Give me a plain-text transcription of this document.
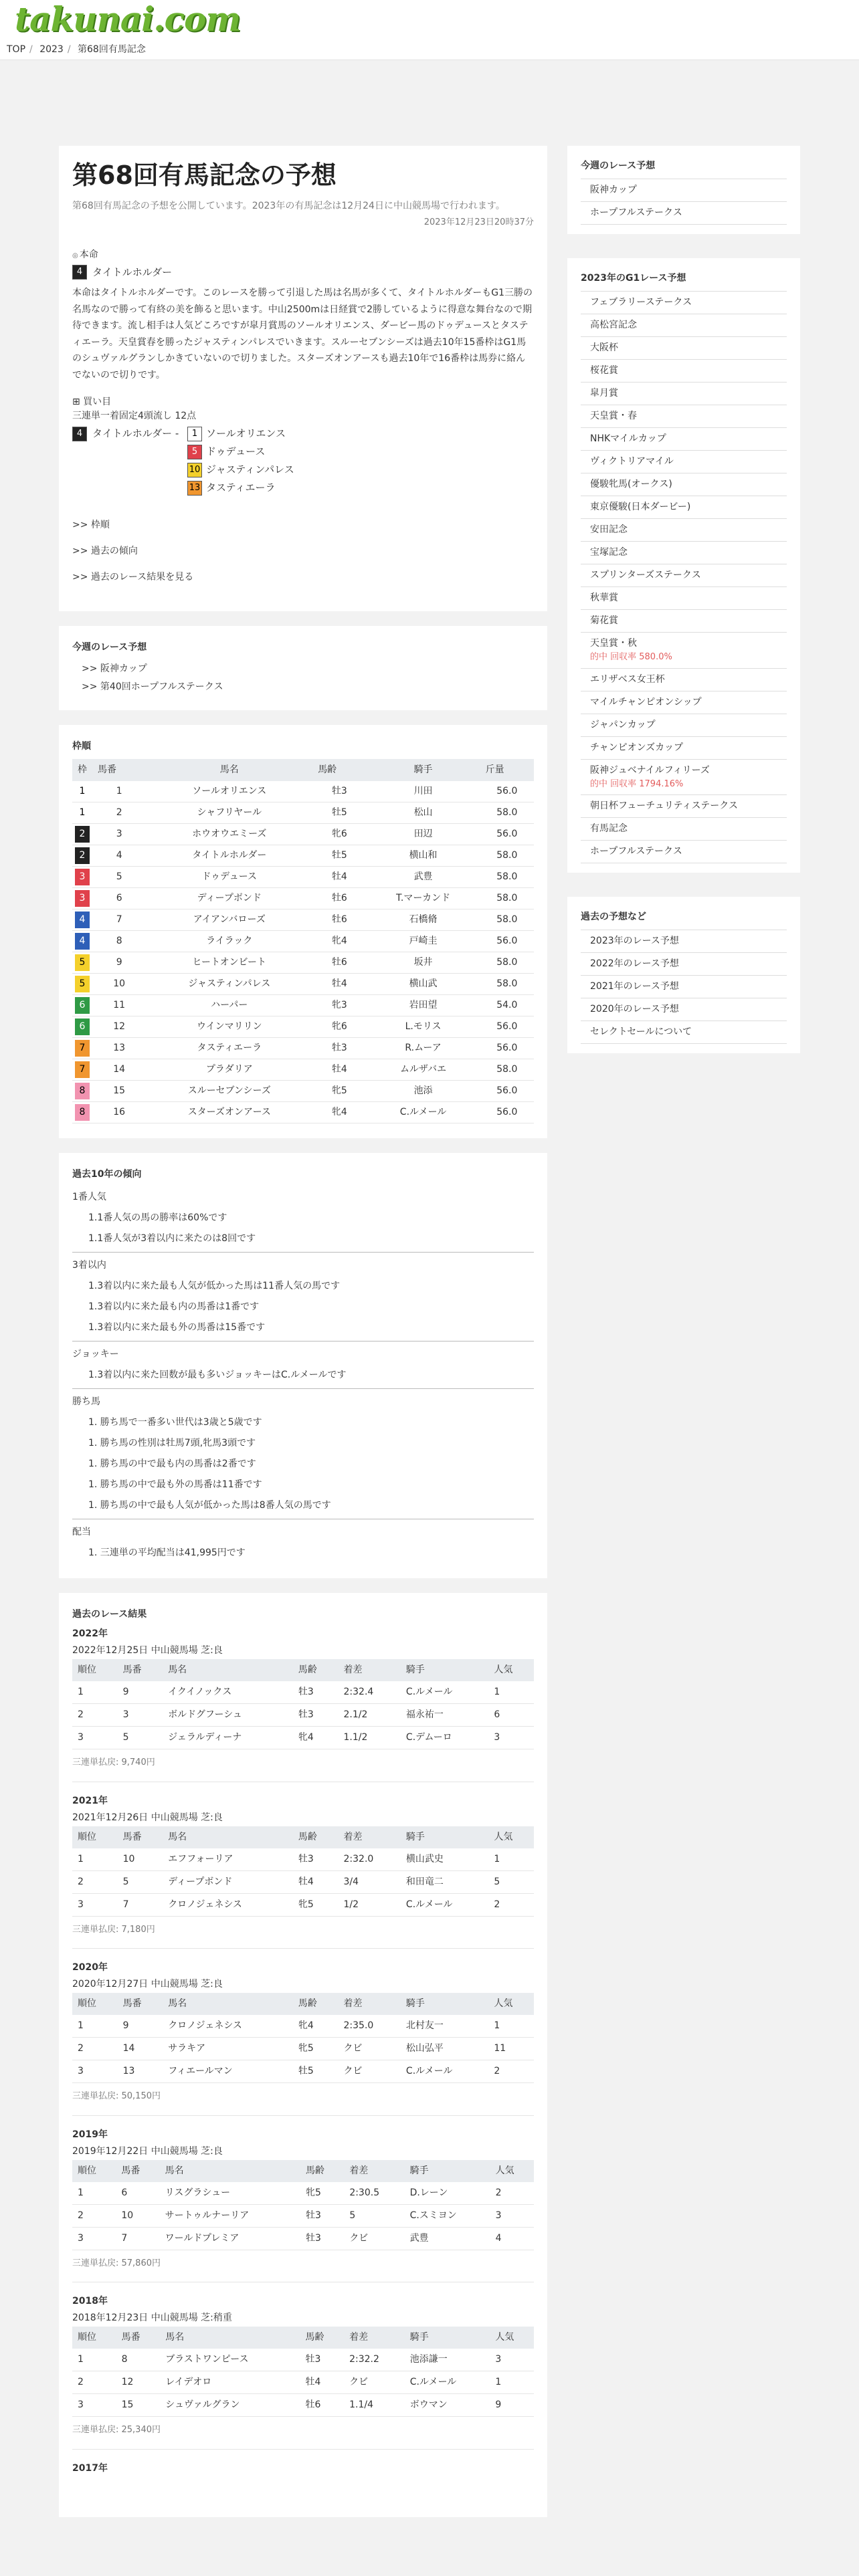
takunai.com
TOP / 2023 / 第68回有馬記念
第68回有馬記念の予想

第68回有馬記念の予想を公開しています。2023年の有馬記念は12月24日に中山競馬場で行われます。

2023年12月23日20時37分
◎ 本命
4 タイトルホルダー

本命はタイトルホルダーです。このレースを勝って引退した馬は名馬が多くて、タイトルホルダーもG1三勝の名馬なので勝って有終の美を飾ると思います。中山2500mは日経賞で2勝しているように得意な舞台なので期待できます。流し相手は人気どころですが皐月賞馬のソールオリエンス、ダービー馬のドゥデュースとタスティエーラ。天皇賞春を勝ったジャスティンパレスでいきます。スルーセブンシーズは過去10年15番枠はG1馬のシュヴァルグランしかきていないので切りました。スターズオンアースも過去10年で16番枠は馬券に絡んでないので切りです。

⊞ 買い目
三連単一着固定4頭流し 12点
4 タイトルホルダー -	1 ソールオリエンス
5 ドゥデュース
10 ジャスティンパレス
13 タスティエーラ
>> 枠順
>> 過去の傾向
>> 過去のレース結果を見る
今週のレース予想
>> 阪神カップ
>> 第40回ホープフルステークス
枠順
枠	馬番	馬名	馬齢	騎手	斤量

1	1	ソールオリエンス	牡3	川田	56.0

1	2	シャフリヤール	牡5	松山	58.0

2	3	ホウオウエミーズ	牝6	田辺	56.0

2	4	タイトルホルダー	牡5	横山和	58.0

3	5	ドゥデュース	牡4	武豊	58.0

3	6	ディープボンド	牡6	T.マーカンド	58.0

4	7	アイアンバローズ	牡6	石橋脩	58.0

4	8	ライラック	牝4	戸崎圭	56.0

5	9	ヒートオンビート	牡6	坂井	58.0

5	10	ジャスティンパレス	牡4	横山武	58.0

6	11	ハーパー	牝3	岩田望	54.0

6	12	ウインマリリン	牝6	L.モリス	56.0

7	13	タスティエーラ	牡3	R.ムーア	56.0

7	14	プラダリア	牡4	ムルザバエ	58.0

8	15	スルーセブンシーズ	牝5	池添	56.0

8	16	スターズオンアース	牝4	C.ルメール	56.0
過去10年の傾向
1番人気
1.1番人気の馬の勝率は60%です
1.1番人気が3着以内に来たのは8回です
3着以内
1.3着以内に来た最も人気が低かった馬は11番人気の馬です
1.3着以内に来た最も内の馬番は1番です
1.3着以内に来た最も外の馬番は15番です
ジョッキー
1.3着以内に来た回数が最も多いジョッキーはC.ルメールです
勝ち馬
1. 勝ち馬で一番多い世代は3歳と5歳です
1. 勝ち馬の性別は牡馬7頭,牝馬3頭です
1. 勝ち馬の中で最も内の馬番は2番です
1. 勝ち馬の中で最も外の馬番は11番です
1. 勝ち馬の中で最も人気が低かった馬は8番人気の馬です
配当
1. 三連単の平均配当は41,995円です
過去のレース結果
2022年
2022年12月25日 中山競馬場 芝:良
順位	馬番	馬名	馬齢	着差	騎手	人気
1	9	イクイノックス	牡3	2:32.4	C.ルメール	1
2	3	ボルドグフーシュ	牡3	2.1/2	福永祐一	6
3	5	ジェラルディーナ	牝4	1.1/2	C.デムーロ	3
三連単払戻: 9,740円
2021年
2021年12月26日 中山競馬場 芝:良
順位	馬番	馬名	馬齢	着差	騎手	人気
1	10	エフフォーリア	牡3	2:32.0	横山武史	1
2	5	ディープボンド	牡4	3/4	和田竜二	5
3	7	クロノジェネシス	牝5	1/2	C.ルメール	2
三連単払戻: 7,180円
2020年
2020年12月27日 中山競馬場 芝:良
順位	馬番	馬名	馬齢	着差	騎手	人気
1	9	クロノジェネシス	牝4	2:35.0	北村友一	1
2	14	サラキア	牝5	クビ	松山弘平	11
3	13	フィエールマン	牡5	クビ	C.ルメール	2
三連単払戻: 50,150円
2019年
2019年12月22日 中山競馬場 芝:良
順位	馬番	馬名	馬齢	着差	騎手	人気
1	6	リスグラシュー	牝5	2:30.5	D.レーン	2
2	10	サートゥルナーリア	牡3	5	C.スミヨン	3
3	7	ワールドプレミア	牡3	クビ	武豊	4
三連単払戻: 57,860円
2018年
2018年12月23日 中山競馬場 芝:稍重
順位	馬番	馬名	馬齢	着差	騎手	人気
1	8	ブラストワンピース	牡3	2:32.2	池添謙一	3
2	12	レイデオロ	牡4	クビ	C.ルメール	1
3	15	シュヴァルグラン	牡6	1.1/4	ボウマン	9
三連単払戻: 25,340円
2017年
今週のレース予想
阪神カップ
ホープフルステークス
2023年のG1レース予想
フェブラリーステークス
高松宮記念
大阪杯
桜花賞
皐月賞
天皇賞・春
NHKマイルカップ
ヴィクトリアマイル
優駿牝馬(オークス)
東京優駿(日本ダービー)
安田記念
宝塚記念
スプリンターズステークス
秋華賞
菊花賞
天皇賞・秋
的中 回収率 580.0%
エリザベス女王杯
マイルチャンピオンシップ
ジャパンカップ
チャンピオンズカップ
阪神ジュベナイルフィリーズ
的中 回収率 1794.16%
朝日杯フューチュリティステークス
有馬記念
ホープフルステークス
過去の予想など
2023年のレース予想
2022年のレース予想
2021年のレース予想
2020年のレース予想
セレクトセールについて
